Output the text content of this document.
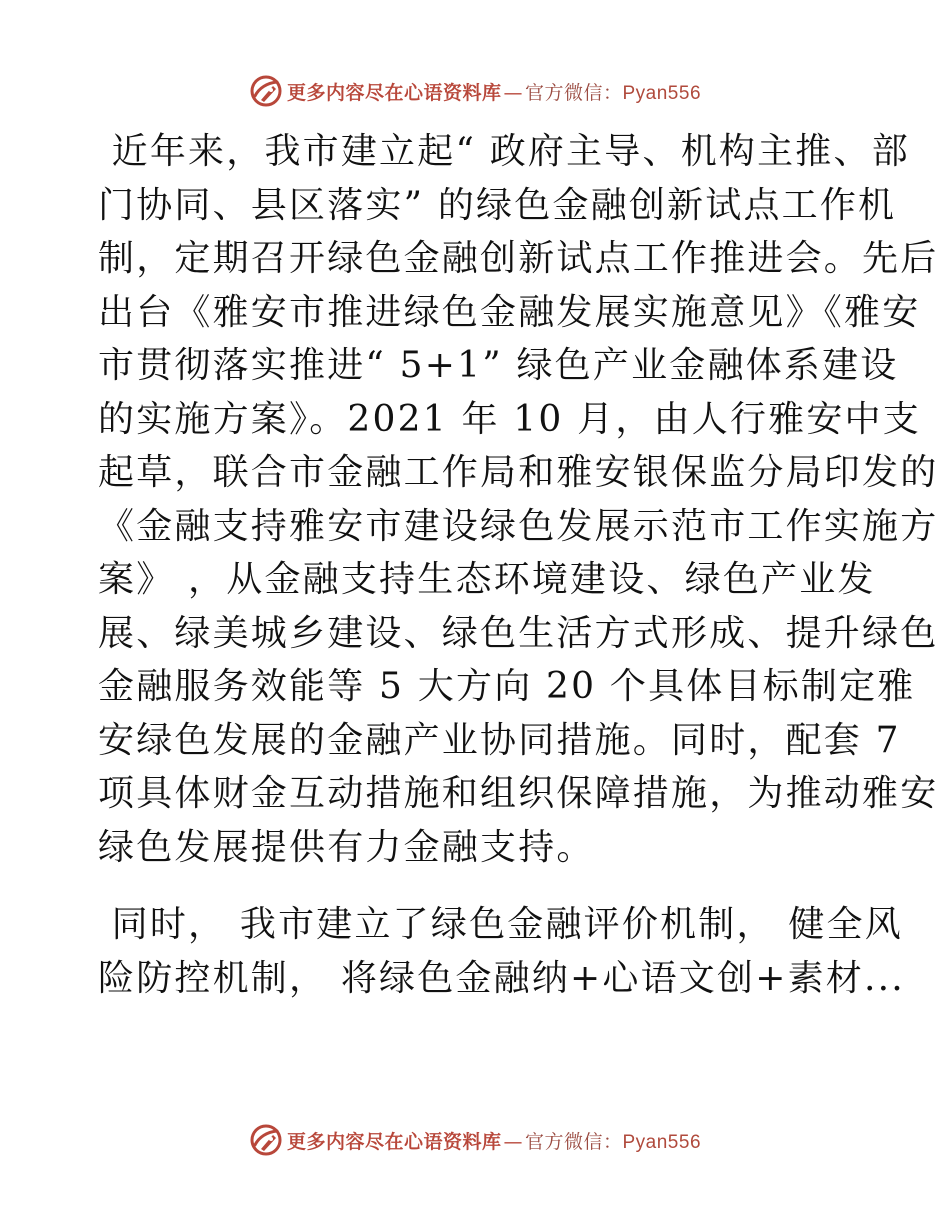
更多内容尽在心语资料库 — 官方微信：Pyan556
近年来，我市建立起“ 政府主导、机构主推、部
门协同、县区落实” 的绿色金融创新试点工作机
制，定期召开绿色金融创新试点工作推进会。先后
出台《雅安市推进绿色金融发展实施意见》《雅安
市贯彻落实推进“ 5+1” 绿色产业金融体系建设
的实施方案》。2021 年 10 月，由人行雅安中支
起草，联合市金融工作局和雅安银保监分局印发的
《金融支持雅安市建设绿色发展示范市工作实施方
案》 ，从金融支持生态环境建设、绿色产业发
展、绿美城乡建设、绿色生活方式形成、提升绿色
金融服务效能等 5 大方向 20 个具体目标制定雅
安绿色发展的金融产业协同措施。同时，配套 7
项具体财金互动措施和组织保障措施，为推动雅安
绿色发展提供有力金融支持。
同时， 我市建立了绿色金融评价机制， 健全风
险防控机制， 将绿色金融纳+心语文创+素材...
更多内容尽在心语资料库 — 官方微信：Pyan556
